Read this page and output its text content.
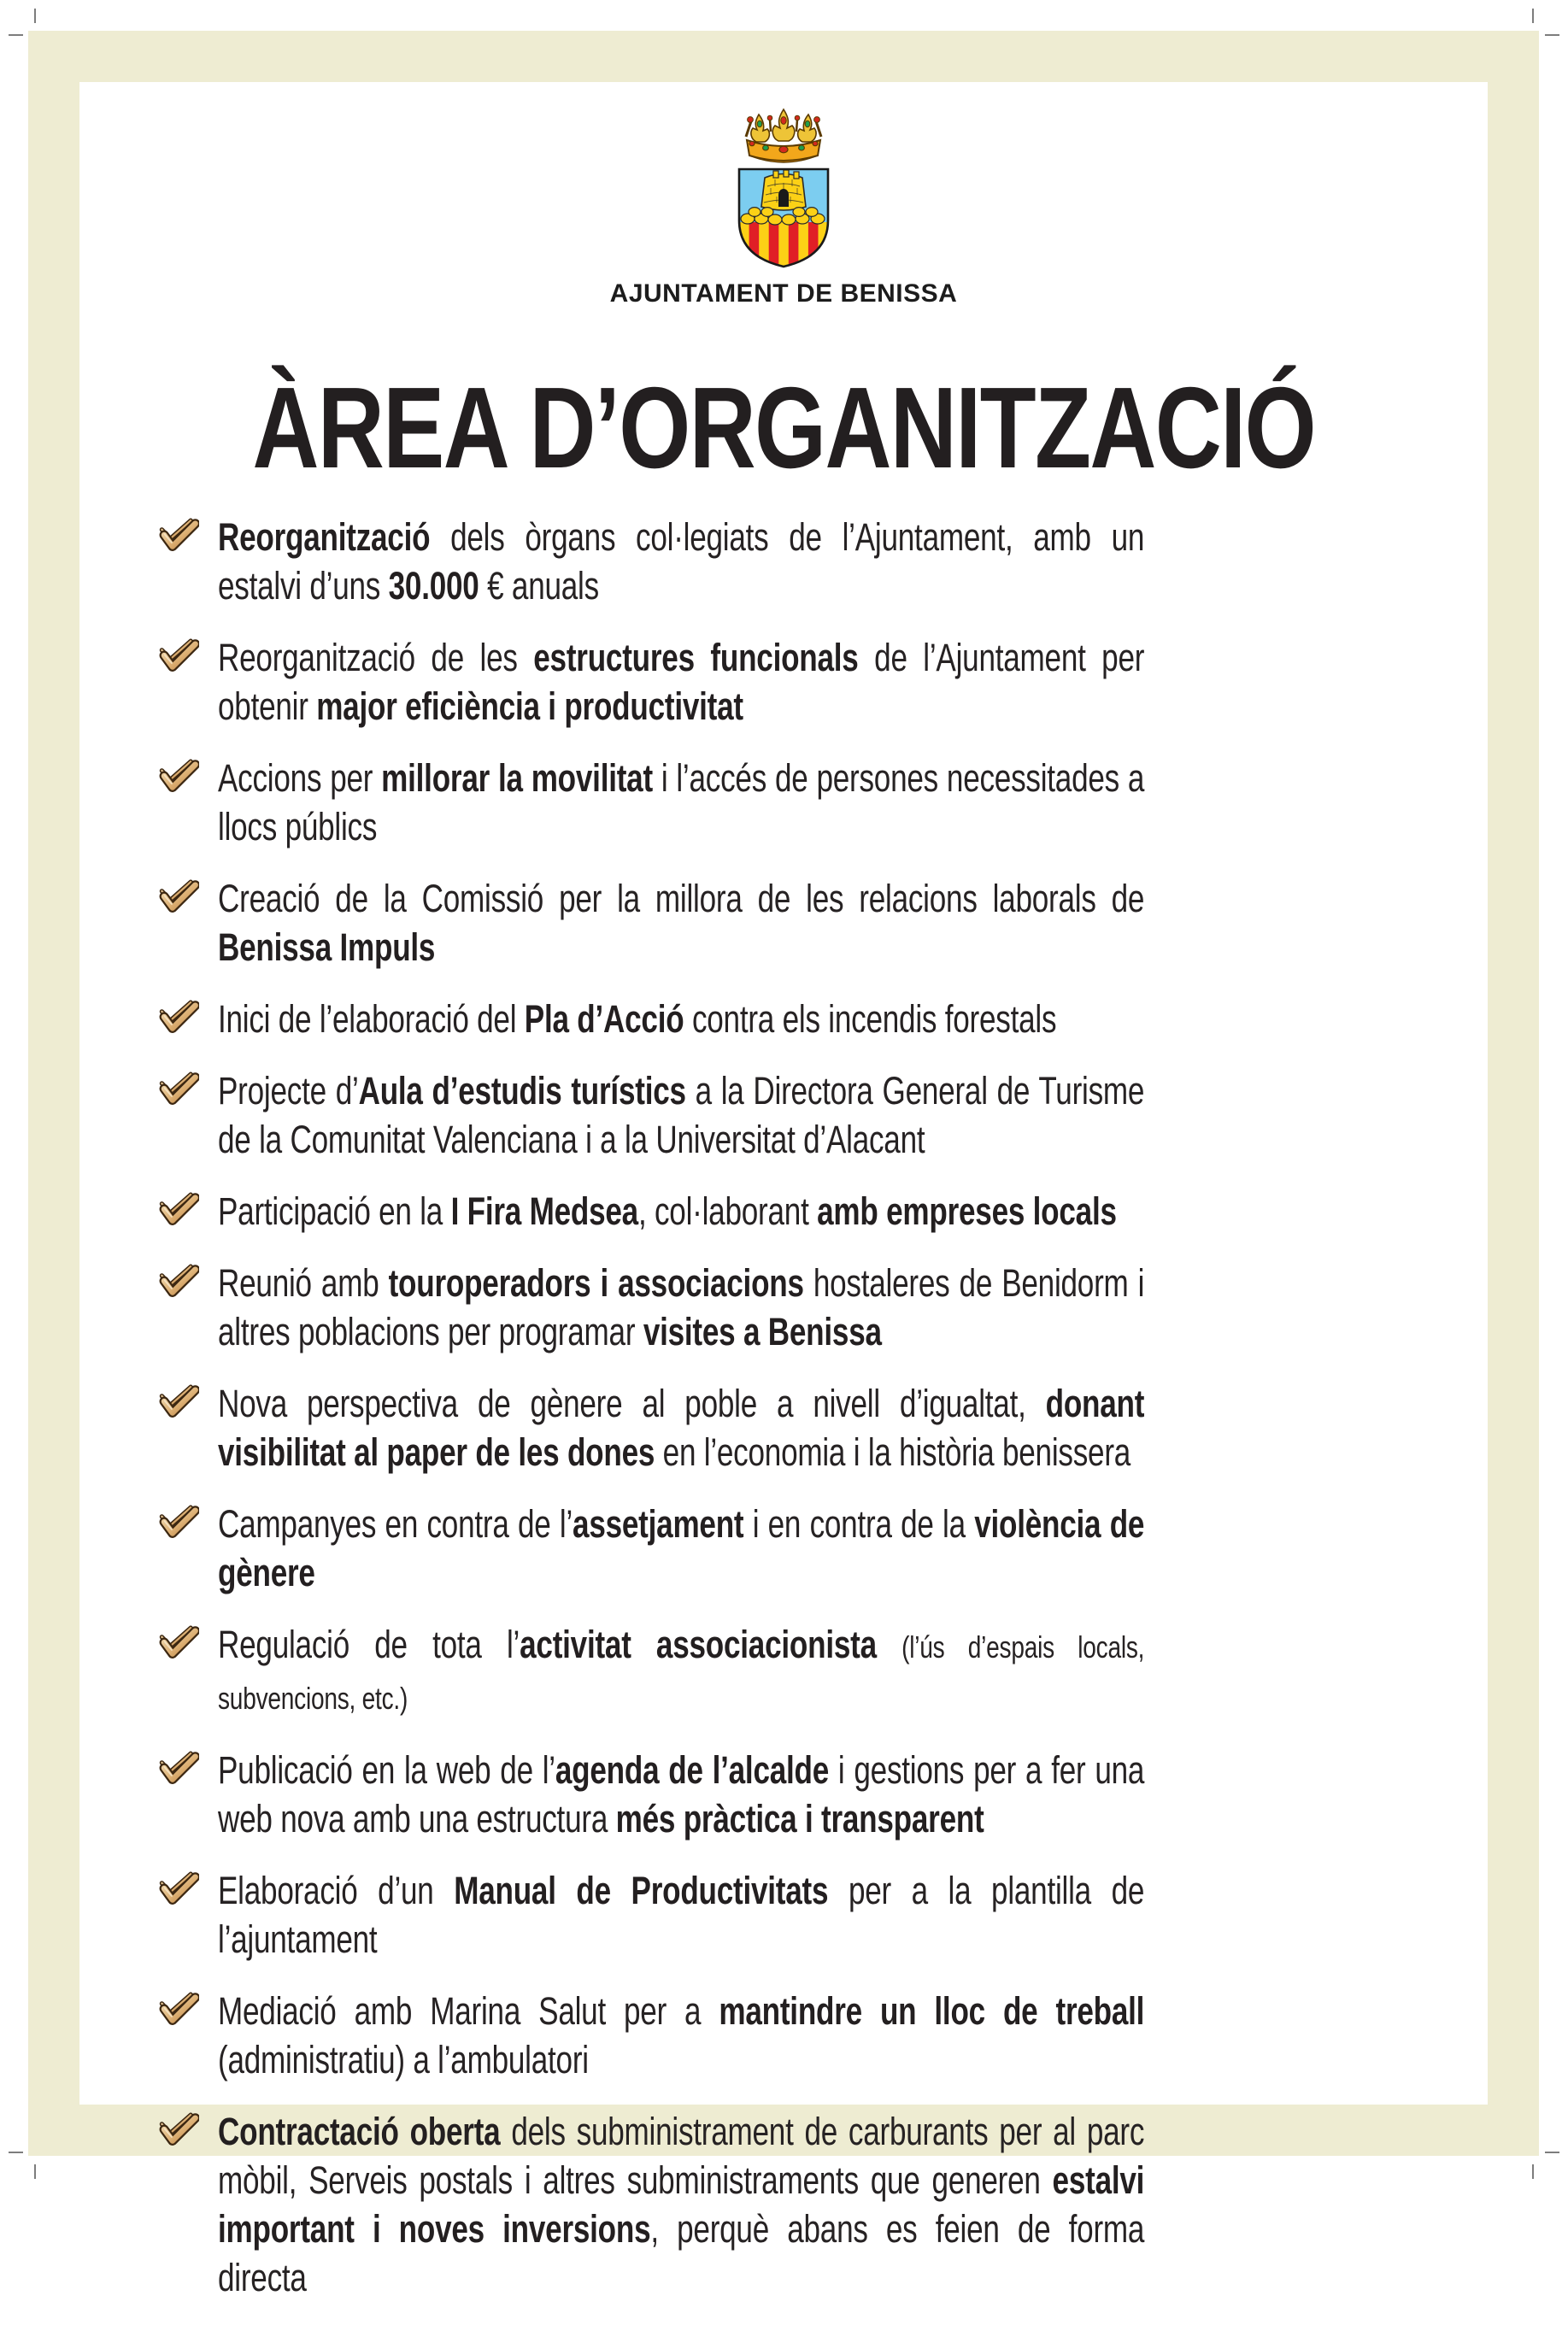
AJUNTAMENT DE BENISSA
ÀREA D’ORGANITZACIÓ

Reorganització dels òrgans col·legiats de l’Ajuntament, amb un estalvi d’uns 30.000 € anuals

Reorganització de les estructures funcionals de l’Ajuntament per obtenir major eficiència i productivitat

Accions per millorar la movilitat i l’accés de persones necessitades a llocs públics

Creació de la Comissió per la millora de les relacions laborals de Benissa Impuls

Inici de l’elaboració del Pla d’Acció contra els incendis forestals

Projecte d’Aula d’estudis turístics a la Directora General de Turisme de la Comunitat Valenciana i a la Universitat d’Alacant

Participació en la I Fira Medsea, col·laborant amb empreses locals

Reunió amb touroperadors i associacions hostaleres de Benidorm i altres poblacions per programar visites a Benissa

Nova perspectiva de gènere al poble a nivell d’igualtat, donant visibilitat al paper de les dones en l’economia i la història benissera

Campanyes en contra de l’assetjament i en contra de la violència de gènere

Regulació de tota l’activitat associacionista (l’ús d’espais locals, subvencions, etc.)

Publicació en la web de l’agenda de l’alcalde i gestions per a fer una web nova amb una estructura més pràctica i transparent

Elaboració d’un Manual de Productivitats per a la plantilla de l’ajuntament

Mediació amb Marina Salut per a mantindre un lloc de treball (administratiu) a l’ambulatori

Contractació oberta dels subministrament de carburants per al parc mòbil, Serveis postals i altres subministraments que generen estalvi important i noves inversions, perquè abans es feien de forma directa
